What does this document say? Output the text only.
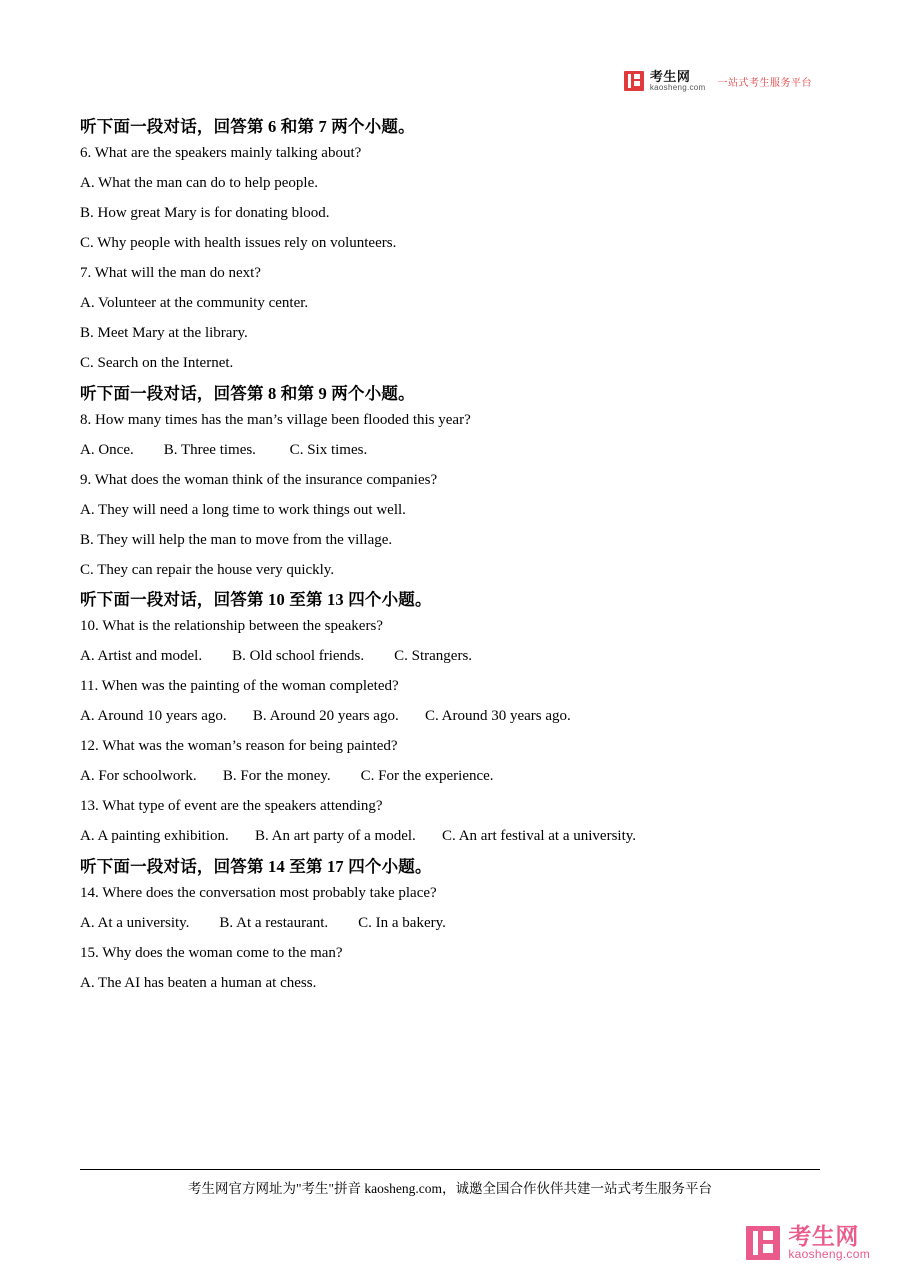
考生网
kaosheng.com 一站式考生服务平台

听下面一段对话，回答第 6 和第 7 两个小题。

6. What are the speakers mainly talking about?

A. What the man can do to help people.

B. How great Mary is for donating blood.

C. Why people with health issues rely on volunteers.

7. What will the man do next?

A. Volunteer at the community center.

B. Meet Mary at the library.

C. Search on the Internet.

听下面一段对话，回答第 8 和第 9 两个小题。

8. How many times has the man’s village been flooded this year?

A. Once.        B. Three times.         C. Six times.

9. What does the woman think of the insurance companies?

A. They will need a long time to work things out well.

B. They will help the man to move from the village.

C. They can repair the house very quickly.

听下面一段对话，回答第 10 至第 13 四个小题。

10. What is the relationship between the speakers?

A. Artist and model.        B. Old school friends.        C. Strangers.

11. When was the painting of the woman completed?

A. Around 10 years ago.       B. Around 20 years ago.       C. Around 30 years ago.

12. What was the woman’s reason for being painted?

A. For schoolwork.       B. For the money.        C. For the experience.

13. What type of event are the speakers attending?

A. A painting exhibition.       B. An art party of a model.       C. An art festival at a university.

听下面一段对话，回答第 14 至第 17 四个小题。

14. Where does the conversation most probably take place?

A. At a university.        B. At a restaurant.        C. In a bakery.

15. Why does the woman come to the man?

A. The AI has beaten a human at chess.

考生网官方网址为"考生"拼音 kaosheng.com，诚邀全国合作伙伴共建一站式考生服务平台
考生网
kaosheng.com
